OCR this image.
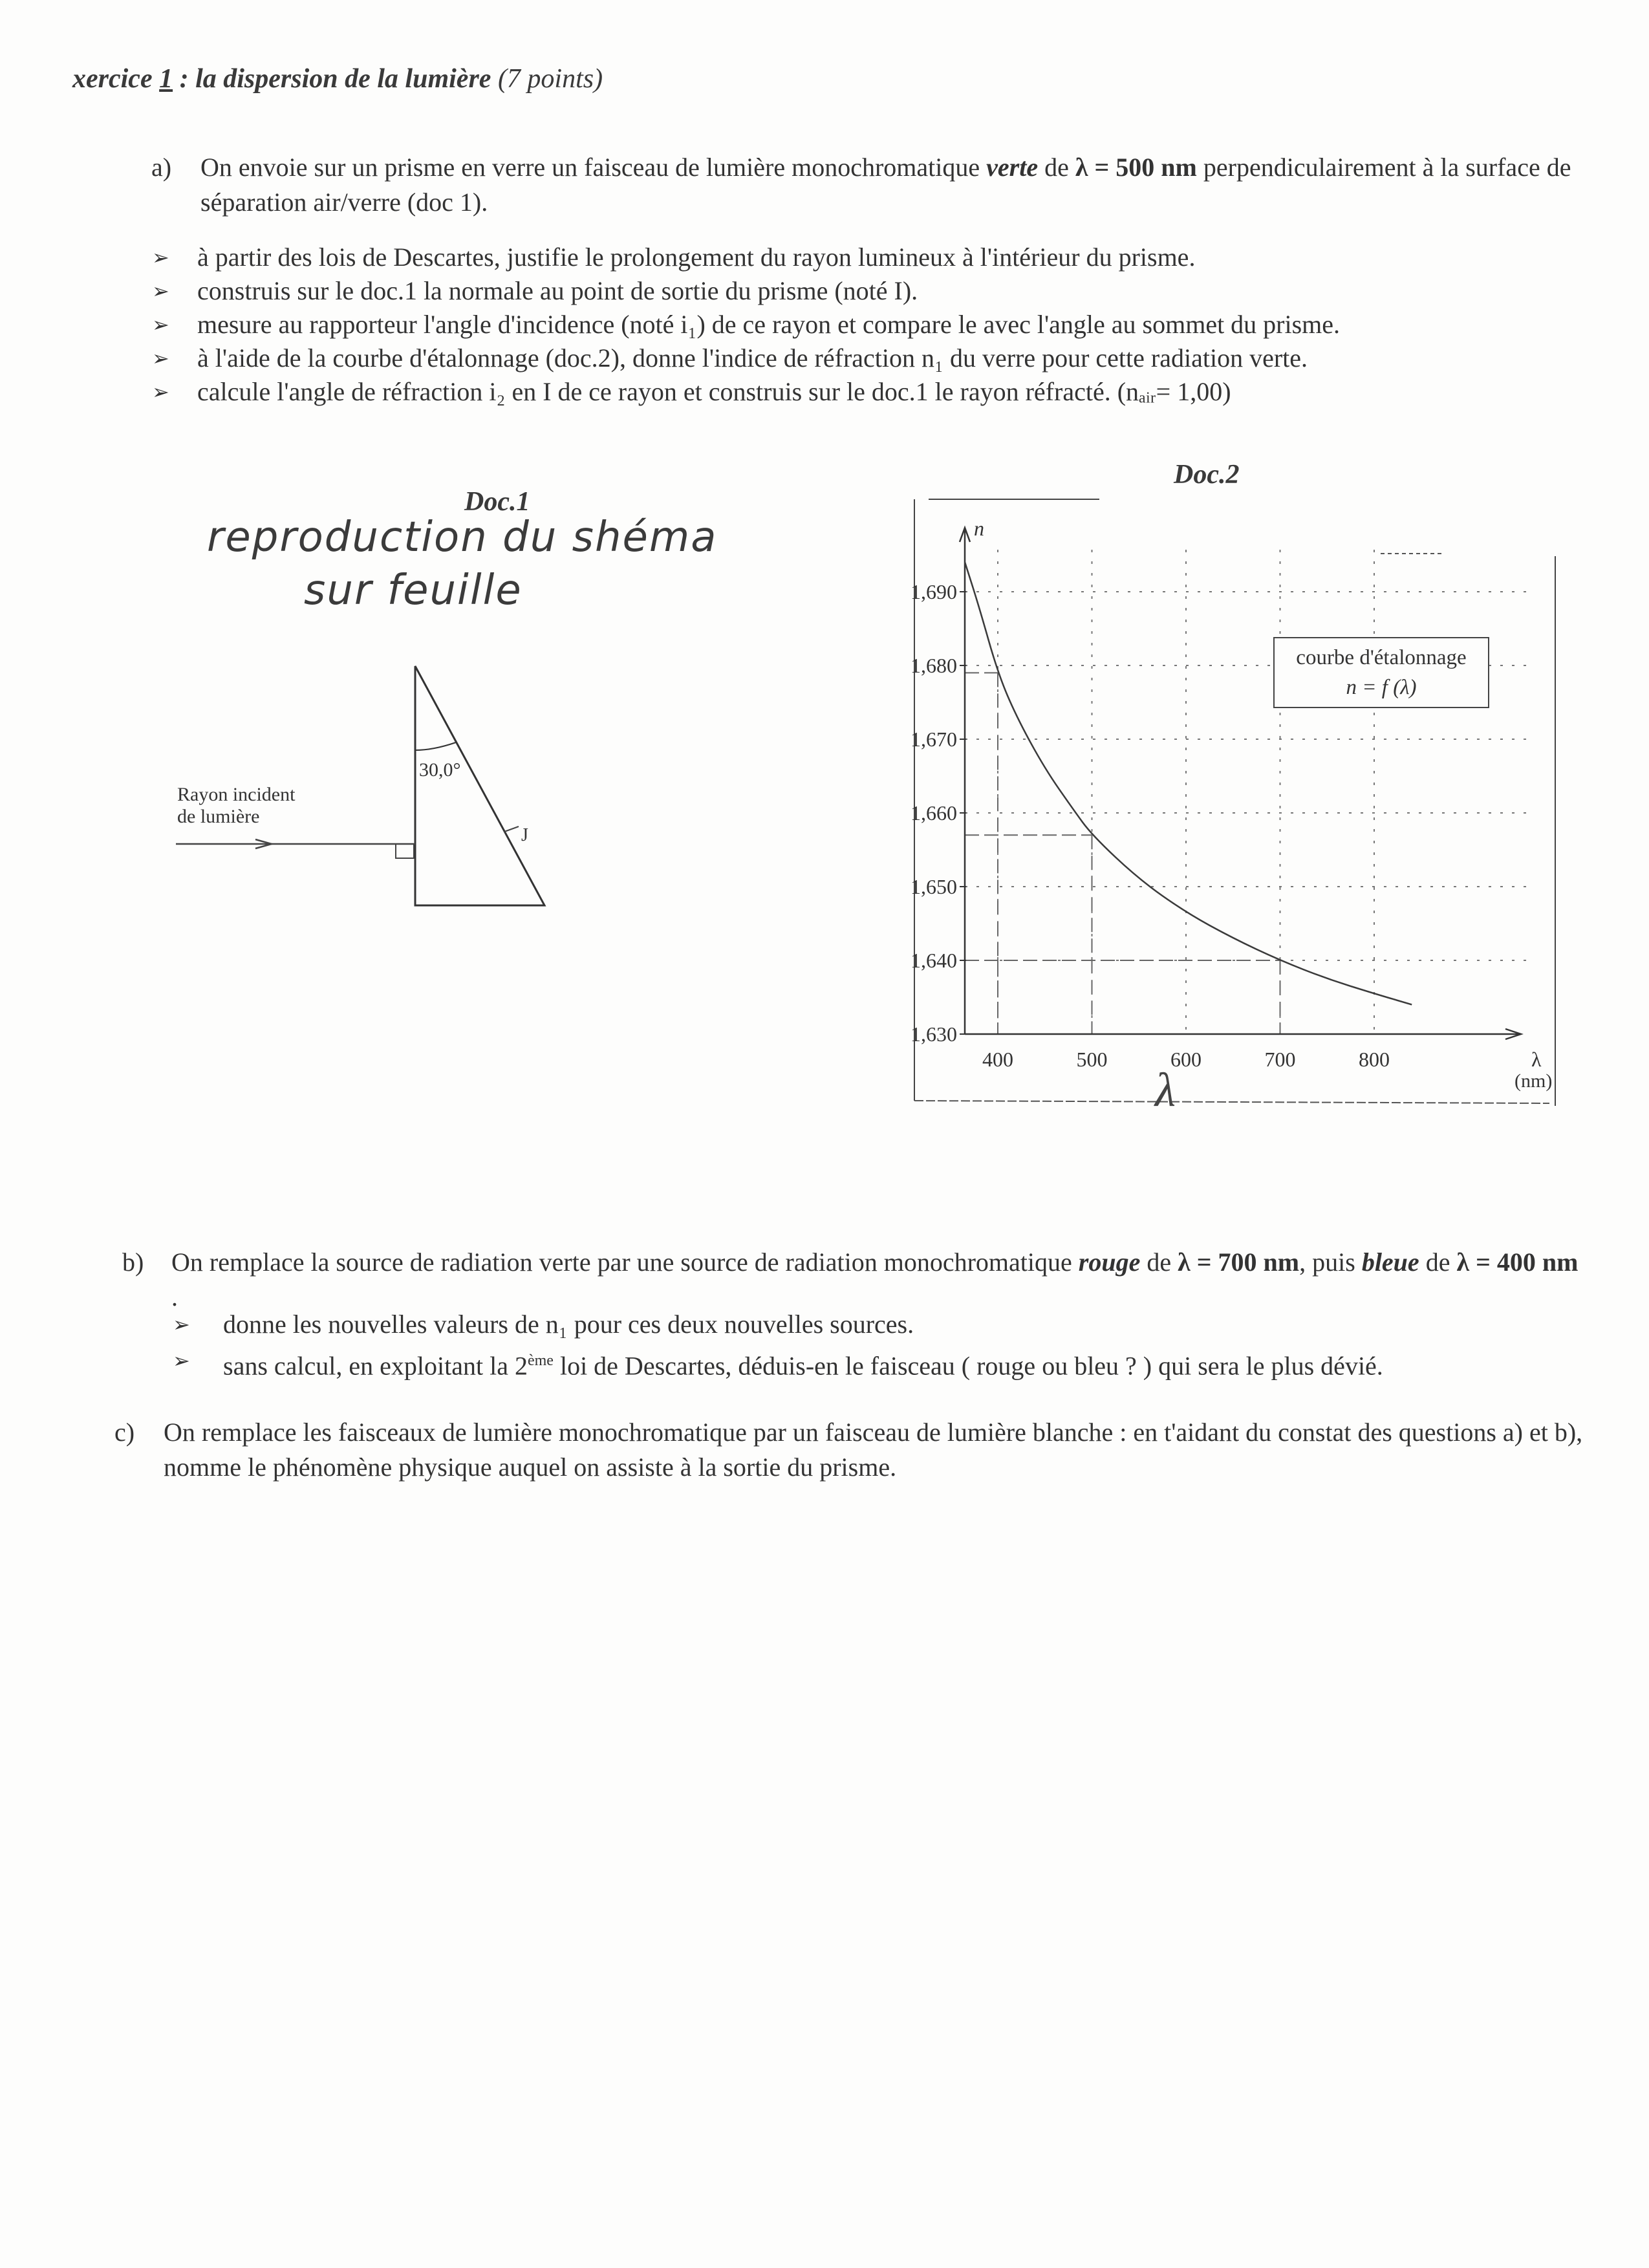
xercice 1 : la dispersion de la lumière (7 points)
a) On envoie sur un prisme en verre un faisceau de lumière monochromatique verte de λ = 500 nm perpendiculairement à la surface de séparation air/verre (doc 1).
➢ à partir des lois de Descartes, justifie le prolongement du rayon lumineux à l'intérieur du prisme.
➢ construis sur le doc.1 la normale au point de sortie du prisme (noté I).
➢ mesure au rapporteur l'angle d'incidence (noté i₁) de ce rayon et compare le avec l'angle au sommet du prisme.
➢ à l'aide de la courbe d'étalonnage (doc.2), donne l'indice de réfraction n₁ du verre pour cette radiation verte.
➢ calcule l'angle de réfraction i₂ en I de ce rayon et construis sur le doc.1 le rayon réfracté. (nₐᵢᵣ= 1,00)
Doc.1
reproduction du shéma
sur feuille
30,0°
J
Rayon incident
de lumière
Doc.2
n
λ
(nm)
1,690
1,680
1,670
1,660
1,650
1,640
1,630
400	500	600	700	800
courbe d'étalonnage
n = f (λ)
λ
b) On remplace la source de radiation verte par une source de radiation monochromatique rouge de λ = 700 nm, puis bleue de λ = 400 nm .
➢ donne les nouvelles valeurs de n₁ pour ces deux nouvelles sources.
➢ sans calcul, en exploitant la 2ème loi de Descartes, déduis-en le faisceau ( rouge ou bleu ? ) qui sera le plus dévié.
c) On remplace les faisceaux de lumière monochromatique par un faisceau de lumière blanche : en t'aidant du constat des questions a) et b), nomme le phénomène physique auquel on assiste à la sortie du prisme.
